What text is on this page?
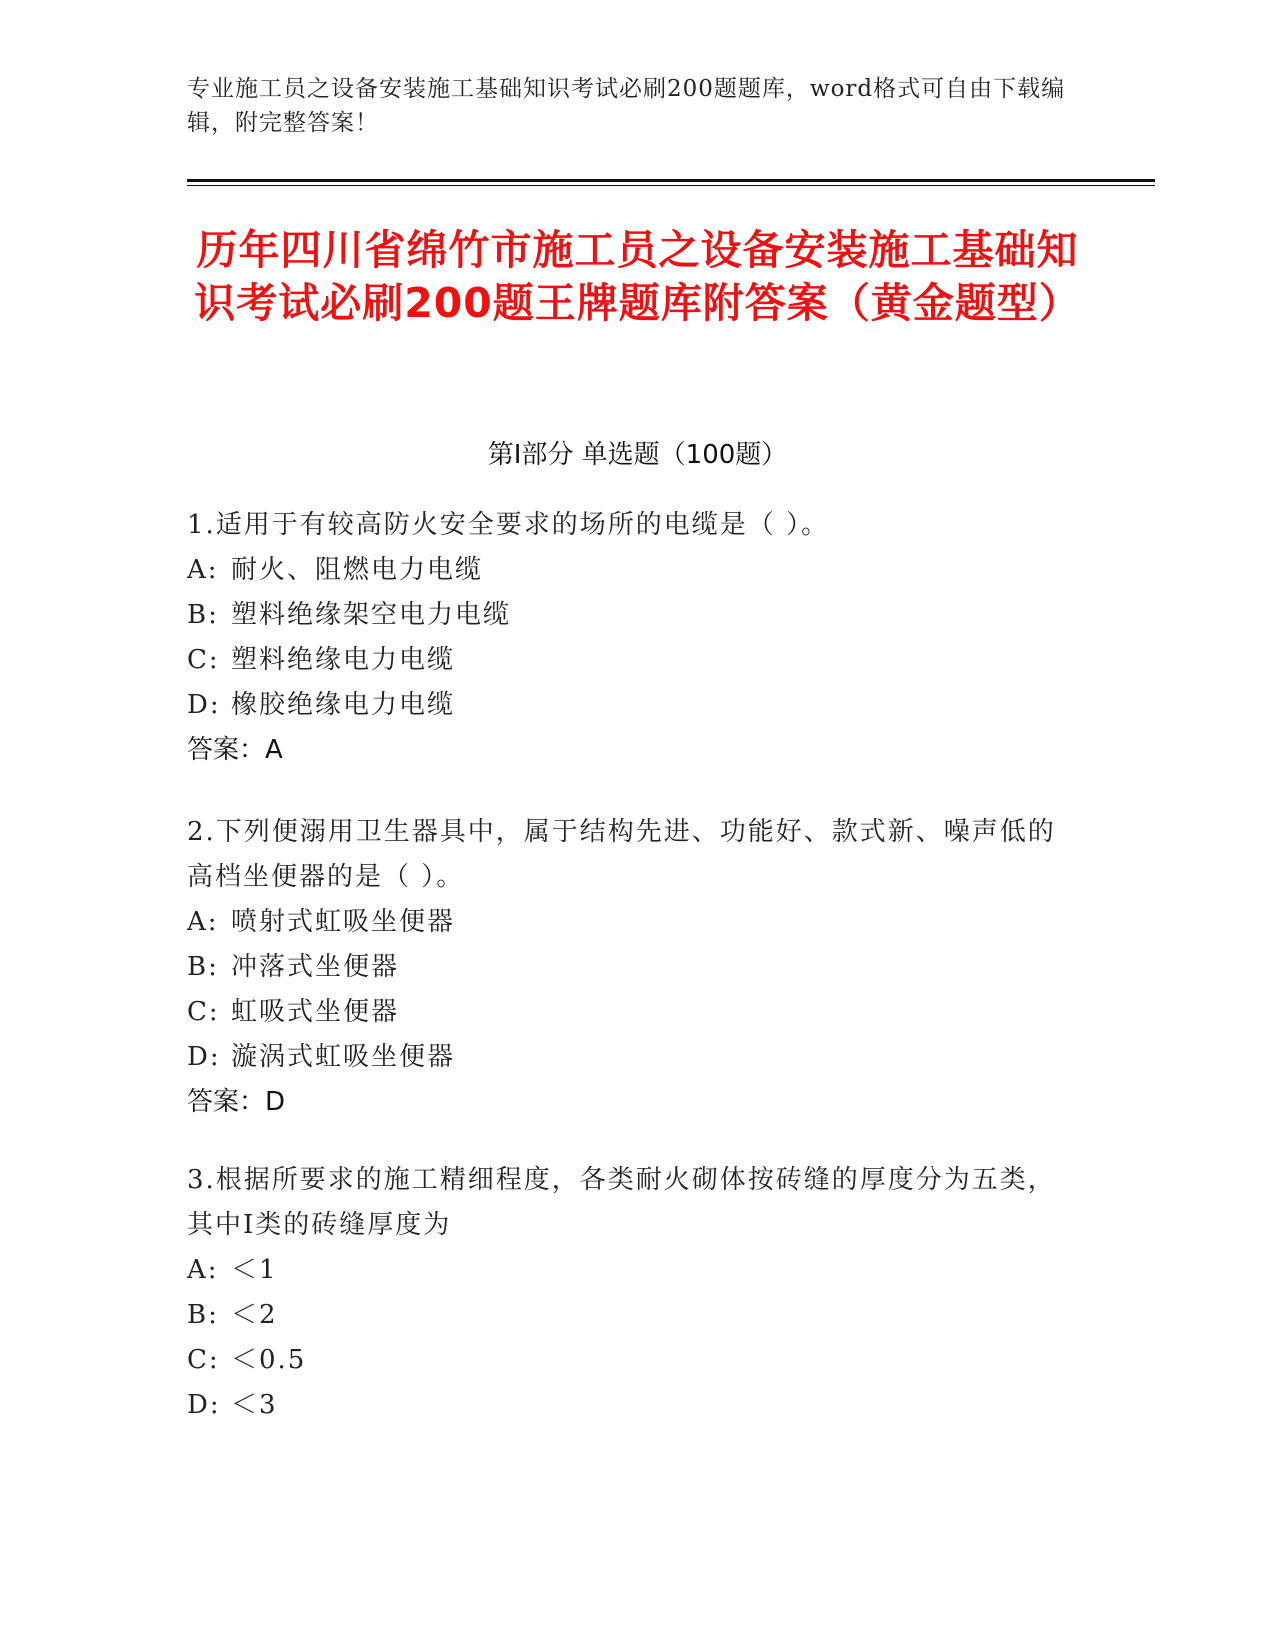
专业施工员之设备安装施工基础知识考试必刷200题题库，word格式可自由下载编辑，附完整答案！
历年四川省绵竹市施工员之设备安装施工基础知识考试必刷200题王牌题库附答案（黄金题型）
第Ⅰ部分 单选题（100题）
1.适用于有较高防火安全要求的场所的电缆是（ ）。
A: 耐火、阻燃电力电缆
B: 塑料绝缘架空电力电缆
C: 塑料绝缘电力电缆
D: 橡胶绝缘电力电缆
答案：A
2.下列便溺用卫生器具中，属于结构先进、功能好、款式新、噪声低的高档坐便器的是（ ）。
A: 喷射式虹吸坐便器
B: 冲落式坐便器
C: 虹吸式坐便器
D: 漩涡式虹吸坐便器
答案：D
3.根据所要求的施工精细程度，各类耐火砌体按砖缝的厚度分为五类，其中Ⅰ类的砖缝厚度为
A: ＜1
B: ＜2
C: ＜0.5
D: ＜3
